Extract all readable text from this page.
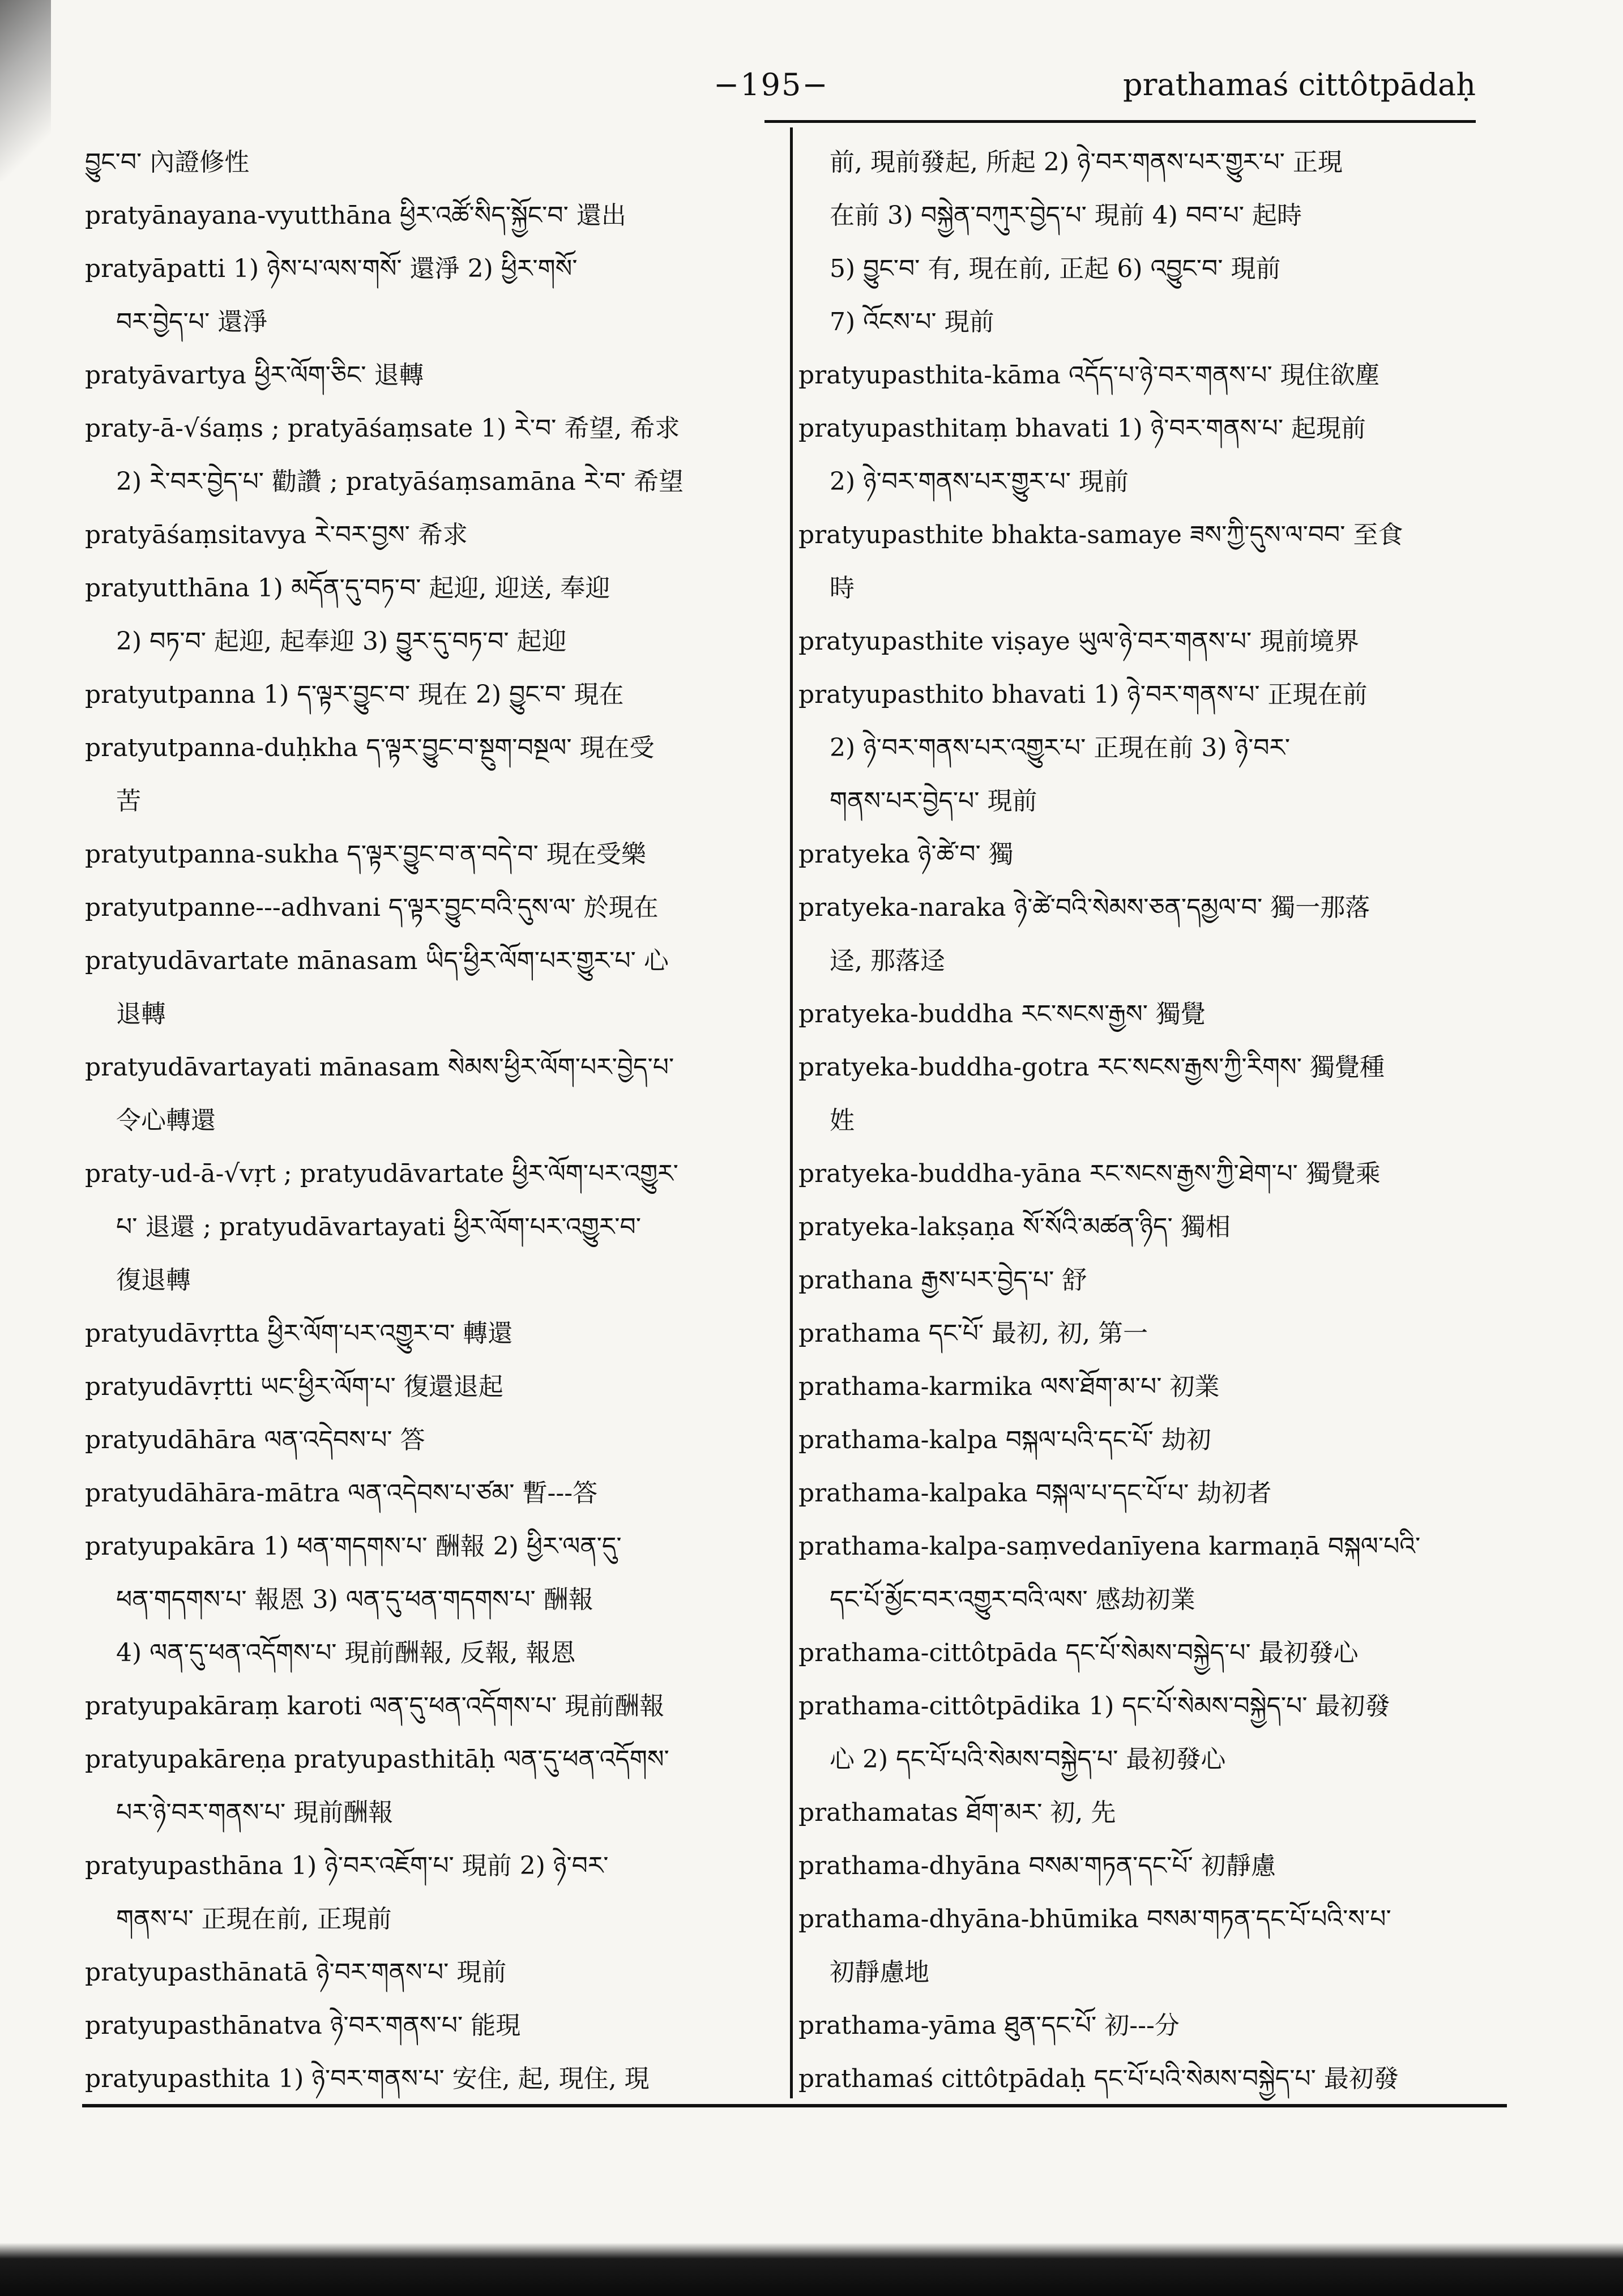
−195−	prathamaś cittôtpādaḥ
བྱུང་བ་ 內證修性
pratyānayana-vyutthāna ཕྱིར་འཚོ་སིད་སྐྱོང་བ་ 還出
pratyāpatti 1) ཉེས་པ་ལས་གསོ་ 還淨 2) ཕྱིར་གསོ་
བར་བྱེད་པ་ 還淨
pratyāvartya ཕྱིར་ལོག་ཅིང་ 退轉
praty-ā-√śaṃs ; pratyāśaṃsate 1) རེ་བ་ 希望, 希求
2) རེ་བར་བྱེད་པ་ 勸讚 ; pratyāśaṃsamāna རེ་བ་ 希望
pratyāśaṃsitavya རེ་བར་བྱས་ 希求
pratyutthāna 1) མདོན་དུ་བཏ་བ་ 起迎, 迎送, 奉迎
2) བཏ་བ་ 起迎, 起奉迎 3) བྱུར་དུ་བཏ་བ་ 起迎
pratyutpanna 1) ད་ལྟར་བྱུང་བ་ 現在 2) བྱུང་བ་ 現在
pratyutpanna-duḥkha ད་ལྟར་བྱུང་བ་སྔུག་བསྔལ་ 現在受
苦
pratyutpanna-sukha ད་ལྟར་བྱུང་བ་ན་བདེ་བ་ 現在受樂
pratyutpanne---adhvani ད་ལྟར་བྱུང་བའི་དུས་ལ་ 於現在
pratyudāvartate mānasam ཡིད་ཕྱིར་ལོག་པར་གྱུར་པ་ 心
退轉
pratyudāvartayati mānasam སེམས་ཕྱིར་ལོག་པར་བྱེད་པ་
令心轉還
praty-ud-ā-√vṛt ; pratyudāvartate ཕྱིར་ལོག་པར་འགྱུར་
པ་ 退還 ; pratyudāvartayati ཕྱིར་ལོག་པར་འགྱུར་བ་
復退轉
pratyudāvṛtta ཕྱིར་ལོག་པར་འགྱུར་བ་ 轉還
pratyudāvṛtti ཡང་ཕྱིར་ལོག་པ་ 復還退起
pratyudāhāra ལན་འདེབས་པ་ 答
pratyudāhāra-mātra ལན་འདེབས་པ་ཙམ་ 暫---答
pratyupakāra 1) ཕན་གདགས་པ་ 酬報 2) ཕྱིར་ལན་དུ་
ཕན་གདགས་པ་ 報恩 3) ལན་དུ་ཕན་གདགས་པ་ 酬報
4) ལན་དུ་ཕན་འདོགས་པ་ 現前酬報, 反報, 報恩
pratyupakāraṃ karoti ལན་དུ་ཕན་འདོགས་པ་ 現前酬報
pratyupakāreṇa pratyupasthitāḥ ལན་དུ་ཕན་འདོགས་
པར་ཉེ་བར་གནས་པ་ 現前酬報
pratyupasthāna 1) ཉེ་བར་འཇོག་པ་ 現前 2) ཉེ་བར་
གནས་པ་ 正現在前, 正現前
pratyupasthānatā ཉེ་བར་གནས་པ་ 現前
pratyupasthānatva ཉེ་བར་གནས་པ་ 能現
pratyupasthita 1) ཉེ་བར་གནས་པ་ 安住, 起, 現住, 現
前, 現前發起, 所起 2) ཉེ་བར་གནས་པར་གྱུར་པ་ 正現
在前 3) བསྐྱེན་བཀུར་བྱེད་པ་ 現前 4) བབ་པ་ 起時
5) བྱུང་བ་ 有, 現在前, 正起 6) འབྱུང་བ་ 現前
7) འོངས་པ་ 現前
pratyupasthita-kāma འདོད་པ་ཉེ་བར་གནས་པ་ 現住欲塵
pratyupasthitaṃ bhavati 1) ཉེ་བར་གནས་པ་ 起現前
2) ཉེ་བར་གནས་པར་གྱུར་པ་ 現前
pratyupasthite bhakta-samaye ཟས་ཀྱི་དུས་ལ་བབ་ 至食
時
pratyupasthite viṣaye ཡུལ་ཉེ་བར་གནས་པ་ 現前境界
pratyupasthito bhavati 1) ཉེ་བར་གནས་པ་ 正現在前
2) ཉེ་བར་གནས་པར་འགྱུར་པ་ 正現在前 3) ཉེ་བར་
གནས་པར་བྱེད་པ་ 現前
pratyeka ཉེ་ཚེ་བ་ 獨
pratyeka-naraka ཉེ་ཚེ་བའི་སེམས་ཅན་དམྱལ་བ་ 獨一那落
迳, 那落迳
pratyeka-buddha རང་སངས་རྒྱས་ 獨覺
pratyeka-buddha-gotra རང་སངས་རྒྱས་ཀྱི་རིགས་ 獨覺種
姓
pratyeka-buddha-yāna རང་སངས་རྒྱས་ཀྱི་ཐེག་པ་ 獨覺乘
pratyeka-lakṣaṇa སོ་སོའི་མཚན་ཉིད་ 獨相
prathana རྒྱས་པར་བྱེད་པ་ 舒
prathama དང་པོ་ 最初, 初, 第一
prathama-karmika ལས་ཐོག་མ་པ་ 初業
prathama-kalpa བསྐལ་པའི་དང་པོ་ 劫初
prathama-kalpaka བསྐལ་པ་དང་པོ་པ་ 劫初者
prathama-kalpa-saṃvedanīyena karmaṇā བསྐལ་པའི་
དང་པོ་མྱོང་བར་འགྱུར་བའི་ལས་ 感劫初業
prathama-cittôtpāda དང་པོ་སེམས་བསྐྱེད་པ་ 最初發心
prathama-cittôtpādika 1) དང་པོ་སེམས་བསྐྱེད་པ་ 最初發
心 2) དང་པོ་པའི་སེམས་བསྐྱེད་པ་ 最初發心
prathamatas ཐོག་མར་ 初, 先
prathama-dhyāna བསམ་གཏན་དང་པོ་ 初靜慮
prathama-dhyāna-bhūmika བསམ་གཏན་དང་པོ་པའི་ས་པ་
初靜慮地
prathama-yāma ཐུན་དང་པོ་ 初---分
prathamaś cittôtpādaḥ དང་པོ་པའི་སེམས་བསྐྱེད་པ་ 最初發
